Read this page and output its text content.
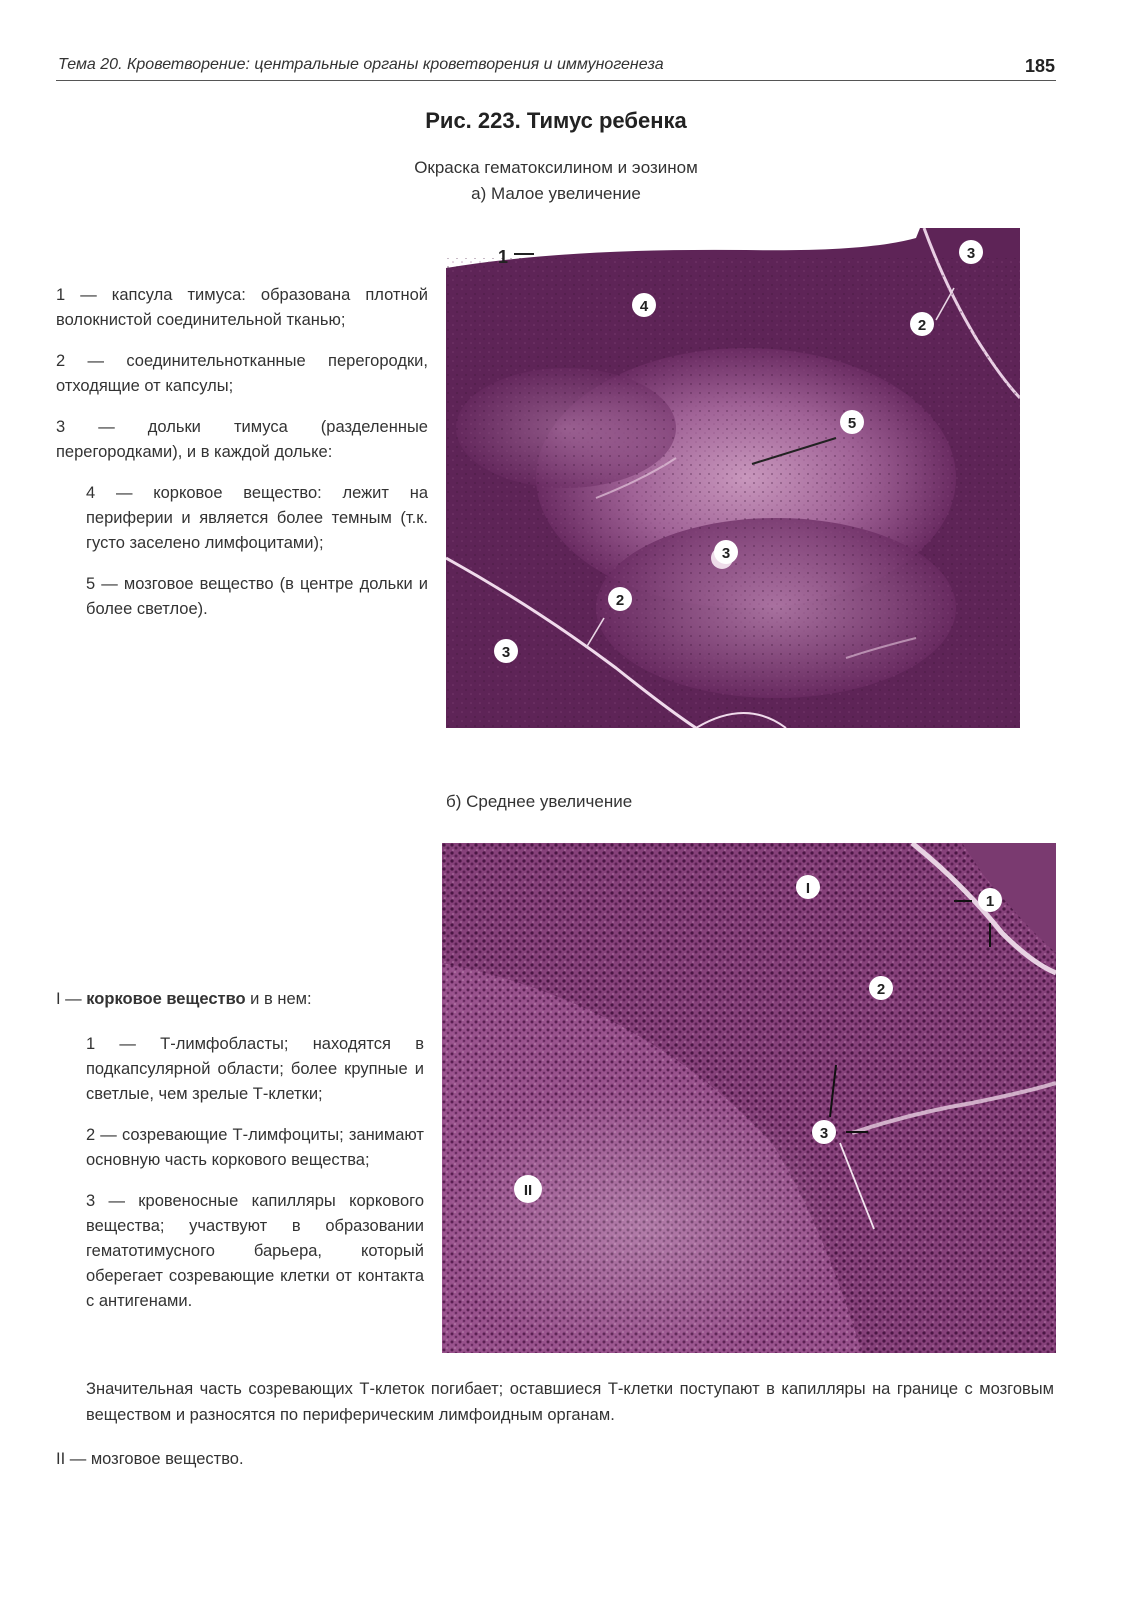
Тема 20. Кроветворение: центральные органы кроветворения и иммуногенеза	185
Рис. 223. Тимус ребенка
Окраска гематоксилином и эозином
а) Малое увеличение

1 — капсула тимуса: образована плотной волокнистой соединительной тканью;

2 — соединительнотканные перегородки, отходящие от капсулы;

3 — дольки тимуса (разделенные перегородками), и в каждой дольке:

4 — корковое вещество: лежит на периферии и является более темным (т.к. густо заселено лимфоцитами);

5 — мозговое вещество (в центре дольки и более светлое).

1	3
2
4
5
3
2
3
б) Среднее увеличение
I
1
2
3
II

I — корковое вещество и в нем:

1 — Т-лимфобласты; находятся в подкапсулярной области; более крупные и светлые, чем зрелые Т-клетки;

2 — созревающие Т-лимфоциты; занимают основную часть коркового вещества;

3 — кровеносные капилляры коркового вещества; участвуют в образовании гематотимусного барьера, который оберегает созревающие клетки от контакта с антигенами.

Значительная часть созревающих Т-клеток погибает; оставшиеся Т-клетки поступают в капилляры на границе с мозговым веществом и разносятся по периферическим лимфоидным органам.
II — мозговое вещество.
